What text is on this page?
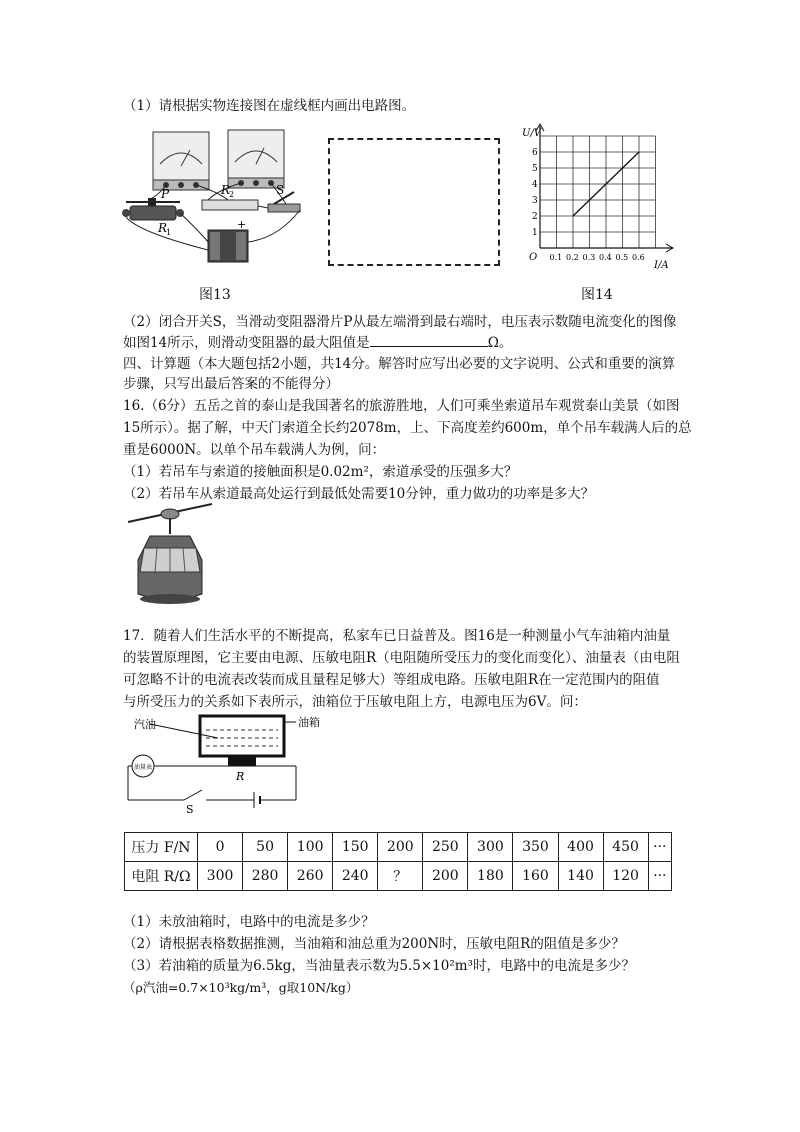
（1）请根据实物连接图在虚线框内画出电路图。
P
R
1
R
2	S
+
U/V
I/A
O
1
2
3
4
5
6
0.1 0.2 0.3 0.4 0.5 0.6
图13	图14
（2）闭合开关S，当滑动变阻器滑片P从最左端滑到最右端时，电压表示数随电流变化的图像
如图14所示，则滑动变阻器的最大阻值是	Ω。
四、计算题（本大题包括2小题，共14分。解答时应写出必要的文字说明、公式和重要的演算
步骤，只写出最后答案的不能得分）
16.（6分）五岳之首的泰山是我国著名的旅游胜地，人们可乘坐索道吊车观赏泰山美景（如图
15所示）。据了解，中天门索道全长约2078m，上、下高度差约600m，单个吊车载满人后的总
重是6000N。以单个吊车载满人为例，问：
（1）若吊车与索道的接触面积是0.02m²，索道承受的压强多大？
（2）若吊车从索道最高处运行到最低处需要10分钟，重力做功的功率是多大？
17．随着人们生活水平的不断提高，私家车已日益普及。图16是一种测量小气车油箱内油量
的装置原理图，它主要由电源、压敏电阻R（电阻随所受压力的变化而变化）、油量表（由电阻
可忽略不计的电流表改装而成且量程足够大）等组成电路。压敏电阻R在一定范围内的阻值
与所受压力的关系如下表所示，油箱位于压敏电阻上方，电源电压为6V。问：
汽油	油箱
油量表
R
S
压力 F/N	0	50	100	150	200	250	300	350	400	450	···
电阻 R/Ω	300	280	260	240	？	200	180	160	140	120	···
（1）未放油箱时，电路中的电流是多少？
（2）请根据表格数据推测，当油箱和油总重为200N时，压敏电阻R的阻值是多少？
（3）若油箱的质量为6.5kg，当油量表示数为5.5×10²m³时，电路中的电流是多少？
（ρ汽油=0.7×10³kg/m³，g取10N/kg）
